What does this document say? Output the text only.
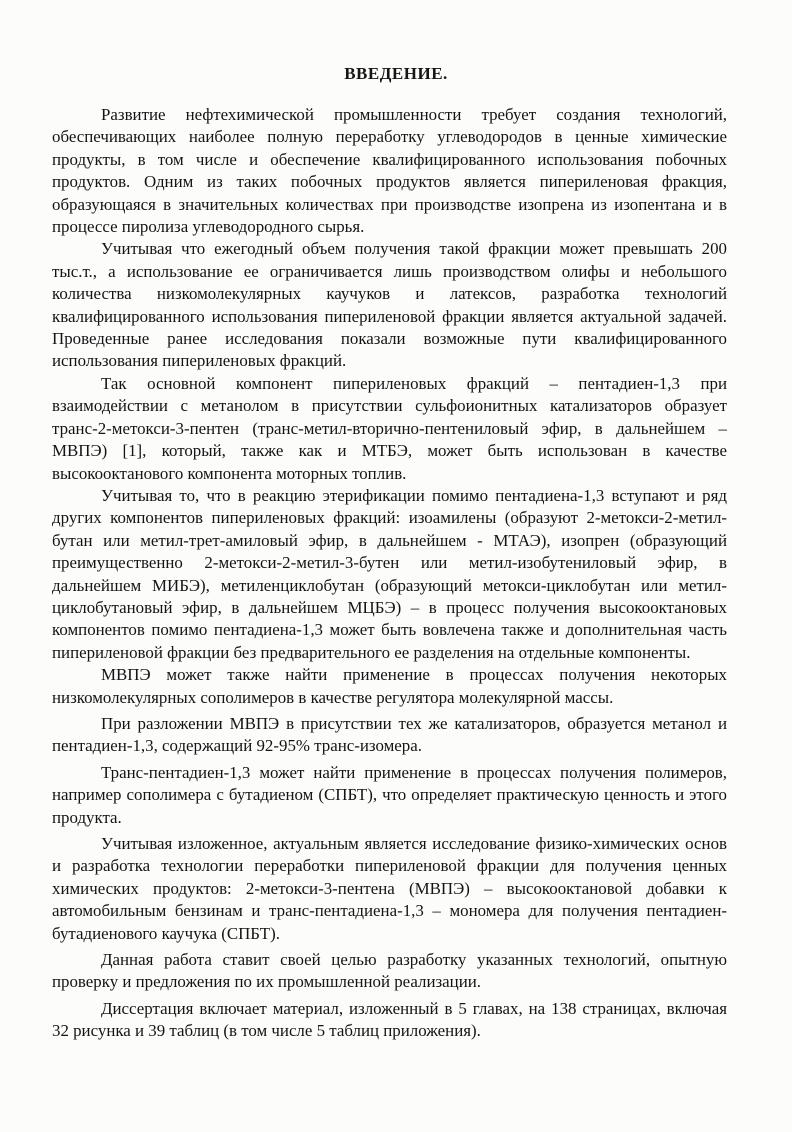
ВВЕДЕНИЕ.

Развитие нефтехимической промышленности требует создания технологий, обеспечивающих наиболее полную переработку углеводородов в ценные химические продукты, в том числе и обеспечение квалифицированного использования побочных продуктов. Одним из таких побочных продуктов является пипериленовая фракция, образующаяся в значительных количествах при производстве изопрена из изопентана и в процессе пиролиза углеводородного сырья.

Учитывая что ежегодный объем получения такой фракции может превышать 200 тыс.т., а использование ее ограничивается лишь производством олифы и небольшого количества низкомолекулярных каучуков и латексов, разработка технологий квалифицированного использования пипериленовой фракции является актуальной задачей. Проведенные ранее исследования показали возможные пути квалифицированного использования пипериленовых фракций.

Так основной компонент пипериленовых фракций – пентадиен-1,3 при взаимодействии с метанолом в присутствии сульфоионитных катализаторов образует транс-2-метокси-3-пентен (транс-метил-вторично-пентениловый эфир, в дальнейшем – МВПЭ) [1], который, также как и МТБЭ, может быть использован в качестве высокооктанового компонента моторных топлив.

Учитывая то, что в реакцию этерификации помимо пентадиена-1,3 вступают и ряд других компонентов пипериленовых фракций: изоамилены (образуют 2-метокси-2-метил-бутан или метил-трет-амиловый эфир, в дальнейшем - МТАЭ), изопрен (образующий преимущественно 2-метокси-2-метил-3-бутен или метил-изобутениловый эфир, в дальнейшем МИБЭ), метиленциклобутан (образующий метокси-циклобутан или метил-циклобутановый эфир, в дальнейшем МЦБЭ) – в процесс получения высокооктановых компонентов помимо пентадиена-1,3 может быть вовлечена также и дополнительная часть пипериленовой фракции без предварительного ее разделения на отдельные компоненты.

МВПЭ может также найти применение в процессах получения некоторых низкомолекулярных сополимеров в качестве регулятора молекулярной массы.

При разложении МВПЭ в присутствии тех же катализаторов, образуется метанол и пентадиен-1,3, содержащий 92-95% транс-изомера.

Транс-пентадиен-1,3 может найти применение в процессах получения полимеров, например сополимера с бутадиеном (СПБТ), что определяет практическую ценность и этого продукта.

Учитывая изложенное, актуальным является исследование физико-химических основ и разработка технологии переработки пипериленовой фракции для получения ценных химических продуктов: 2-метокси-3-пентена (МВПЭ) – высокооктановой добавки к автомобильным бензинам и транс-пентадиена-1,3 – мономера для получения пентадиен-бутадиенового каучука (СПБТ).

Данная работа ставит своей целью разработку указанных технологий, опытную проверку и предложения по их промышленной реализации.

Диссертация включает материал, изложенный в 5 главах, на 138 страницах, включая 32 рисунка и 39 таблиц (в том числе 5 таблиц приложения).
